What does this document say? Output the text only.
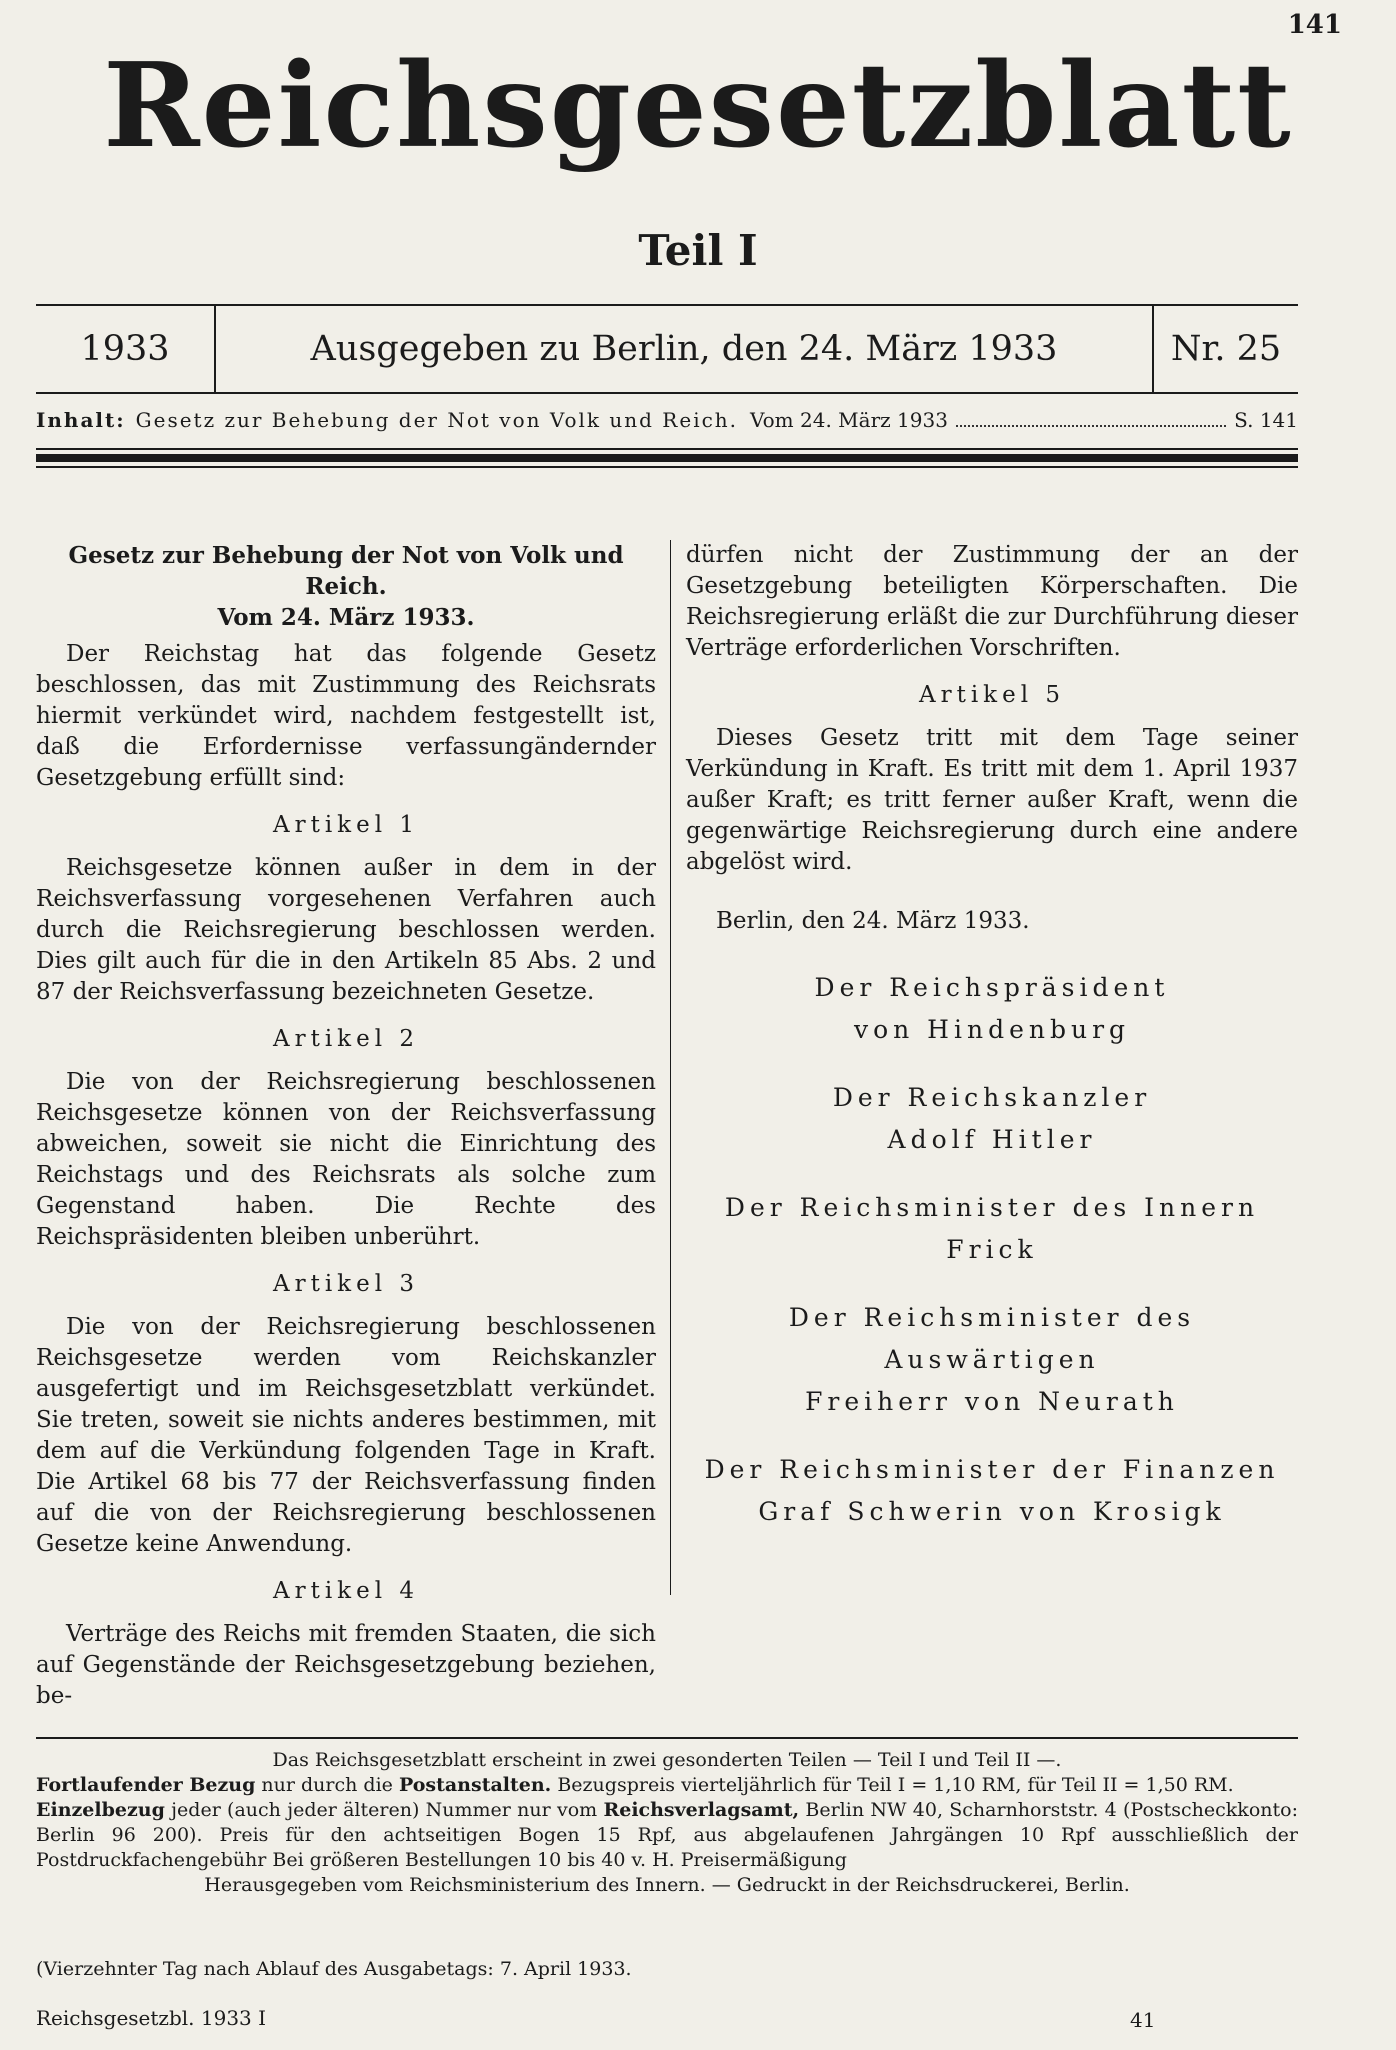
141
Reichsgesetzblatt
Teil I
1933	Ausgegeben zu Berlin, den 24. März 1933	Nr. 25
Inhalt: Gesetz zur Behebung der Not von Volk und Reich. Vom 24. März 1933	S. 141
Gesetz zur Behebung der Not von Volk und Reich.
Vom 24. März 1933.

Der Reichstag hat das folgende Gesetz beschlossen, das mit Zustimmung des Reichsrats hiermit verkündet wird, nachdem festgestellt ist, daß die Erfordernisse verfassungändernder Gesetzgebung erfüllt sind:

Artikel 1

Reichsgesetze können außer in dem in der Reichsverfassung vorgesehenen Verfahren auch durch die Reichsregierung beschlossen werden. Dies gilt auch für die in den Artikeln 85 Abs. 2 und 87 der Reichsverfassung bezeichneten Gesetze.

Artikel 2

Die von der Reichsregierung beschlossenen Reichsgesetze können von der Reichsverfassung abweichen, soweit sie nicht die Einrichtung des Reichstags und des Reichsrats als solche zum Gegenstand haben. Die Rechte des Reichspräsidenten bleiben unberührt.

Artikel 3

Die von der Reichsregierung beschlossenen Reichsgesetze werden vom Reichskanzler ausgefertigt und im Reichsgesetzblatt verkündet. Sie treten, soweit sie nichts anderes bestimmen, mit dem auf die Verkündung folgenden Tage in Kraft. Die Artikel 68 bis 77 der Reichsverfassung finden auf die von der Reichsregierung beschlossenen Gesetze keine Anwendung.

Artikel 4

Verträge des Reichs mit fremden Staaten, die sich auf Gegenstände der Reichsgesetzgebung beziehen, be-

dürfen nicht der Zustimmung der an der Gesetzgebung beteiligten Körperschaften. Die Reichsregierung erläßt die zur Durchführung dieser Verträge erforderlichen Vorschriften.

Artikel 5

Dieses Gesetz tritt mit dem Tage seiner Verkündung in Kraft. Es tritt mit dem 1. April 1937 außer Kraft; es tritt ferner außer Kraft, wenn die gegenwärtige Reichsregierung durch eine andere abgelöst wird.

Berlin, den 24. März 1933.
Der Reichspräsident
von Hindenburg
Der Reichskanzler
Adolf Hitler
Der Reichsminister des Innern
Frick
Der Reichsminister des Auswärtigen
Freiherr von Neurath
Der Reichsminister der Finanzen
Graf Schwerin von Krosigk
Das Reichsgesetzblatt erscheint in zwei gesonderten Teilen — Teil I und Teil II —.

Fortlaufender Bezug nur durch die Postanstalten. Bezugspreis vierteljährlich für Teil I = 1,10 RM, für Teil II = 1,50 RM.

Einzelbezug jeder (auch jeder älteren) Nummer nur vom Reichsverlagsamt, Berlin NW 40, Scharnhorststr. 4 (Postscheckkonto: Berlin 96 200). Preis für den achtseitigen Bogen 15 Rpf, aus abgelaufenen Jahrgängen 10 Rpf ausschließlich der Postdruckfachengebühr Bei größeren Bestellungen 10 bis 40 v. H. Preisermäßigung

Herausgegeben vom Reichsministerium des Innern. — Gedruckt in der Reichsdruckerei, Berlin.
(Vierzehnter Tag nach Ablauf des Ausgabetags: 7. April 1933.
Reichsgesetzbl. 1933 I	41
